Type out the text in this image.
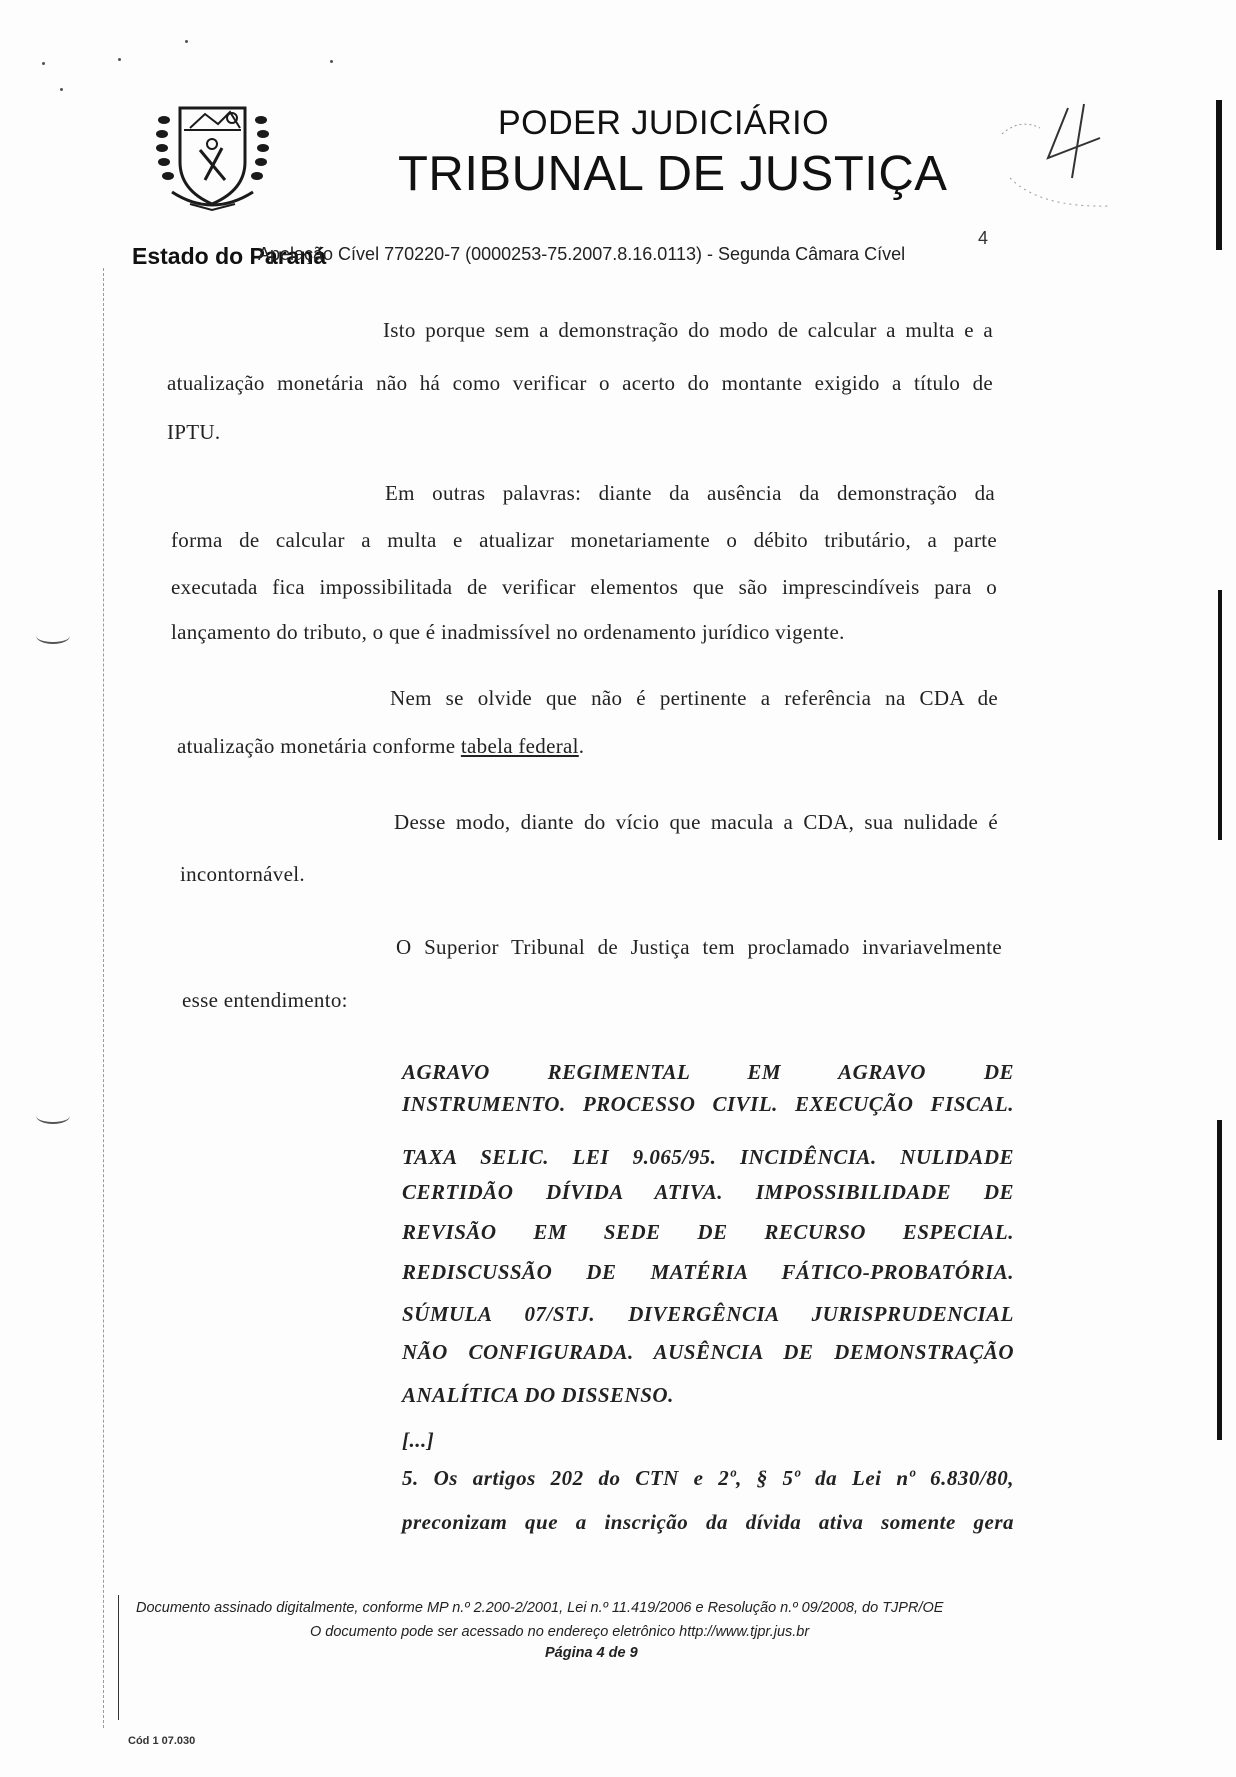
PODER JUDICIÁRIO
TRIBUNAL DE JUSTIÇA
Estado do Paraná
Apelação Cível 770220-7 (0000253-75.2007.8.16.0113) - Segunda Câmara Cível
4
Isto porque sem a demonstração do modo de calcular a multa e a
atualização monetária não há como verificar o acerto do montante exigido a título de
IPTU.
Em outras palavras: diante da ausência da demonstração da
forma de calcular a multa e atualizar monetariamente o débito tributário, a parte
executada fica impossibilitada de verificar elementos que são imprescindíveis para o
lançamento do tributo, o que é inadmissível no ordenamento jurídico vigente.
Nem se olvide que não é pertinente a referência na CDA de
atualização monetária conforme tabela federal.
Desse modo, diante do vício que macula a CDA, sua nulidade é
incontornável.
O Superior Tribunal de Justiça tem proclamado invariavelmente
esse entendimento:
AGRAVO REGIMENTAL EM AGRAVO DE
INSTRUMENTO. PROCESSO CIVIL. EXECUÇÃO FISCAL.
TAXA SELIC. LEI 9.065/95. INCIDÊNCIA. NULIDADE
CERTIDÃO DÍVIDA ATIVA. IMPOSSIBILIDADE DE
REVISÃO EM SEDE DE RECURSO ESPECIAL.
REDISCUSSÃO DE MATÉRIA FÁTICO-PROBATÓRIA.
SÚMULA 07/STJ. DIVERGÊNCIA JURISPRUDENCIAL
NÃO CONFIGURADA. AUSÊNCIA DE DEMONSTRAÇÃO
ANALÍTICA DO DISSENSO.
[...]
5. Os artigos 202 do CTN e 2º, § 5º da Lei nº 6.830/80,
preconizam que a inscrição da dívida ativa somente gera
Documento assinado digitalmente, conforme MP n.º 2.200-2/2001, Lei n.º 11.419/2006 e Resolução n.º 09/2008, do TJPR/OE
O documento pode ser acessado no endereço eletrônico http://www.tjpr.jus.br
Página 4 de 9
Cód 1 07.030
